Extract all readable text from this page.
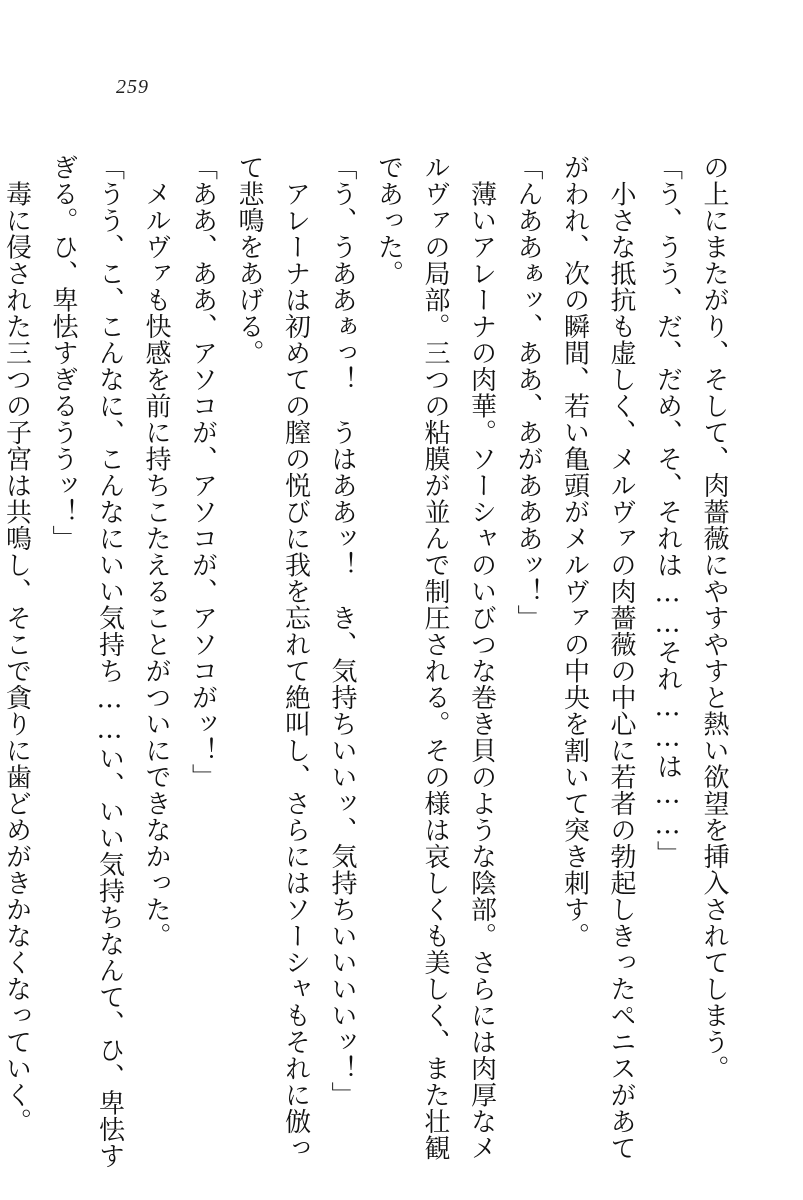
259
の上にまたがり、そして、肉薔薇にやすやすと熱い欲望を挿入されてしまう。
「う、うう、だ、だめ、そ、それは……それ……は……」
　小さな抵抗も虚しく、メルヴァの肉薔薇の中心に若者の勃起しきったペニスがあて
がわれ、次の瞬間、若い亀頭がメルヴァの中央を割いて突き刺す。
「んああぁッ、ああ、あがあああッ！」
　薄いアレーナの肉華。ソーシャのいびつな巻き貝のような陰部。さらには肉厚なメ
ルヴァの局部。三つの粘膜が並んで制圧される。その様は哀しくも美しく、また壮観
であった。
「う、うああぁっ！　うはああッ！　き、気持ちいいッ、気持ちいいいいッ！」
　アレーナは初めての膣の悦びに我を忘れて絶叫し、さらにはソーシャもそれに倣っ
て悲鳴をあげる。
「ああ、ああ、アソコが、アソコが、アソコがッ！」
　メルヴァも快感を前に持ちこたえることがついにできなかった。
「うう、こ、こんなに、こんなにいい気持ち……い、いい気持ちなんて、ひ、卑怯す
ぎる。ひ、卑怯すぎるううッ！」
　毒に侵された三つの子宮は共鳴し、そこで貪りに歯どめがきかなくなっていく。
